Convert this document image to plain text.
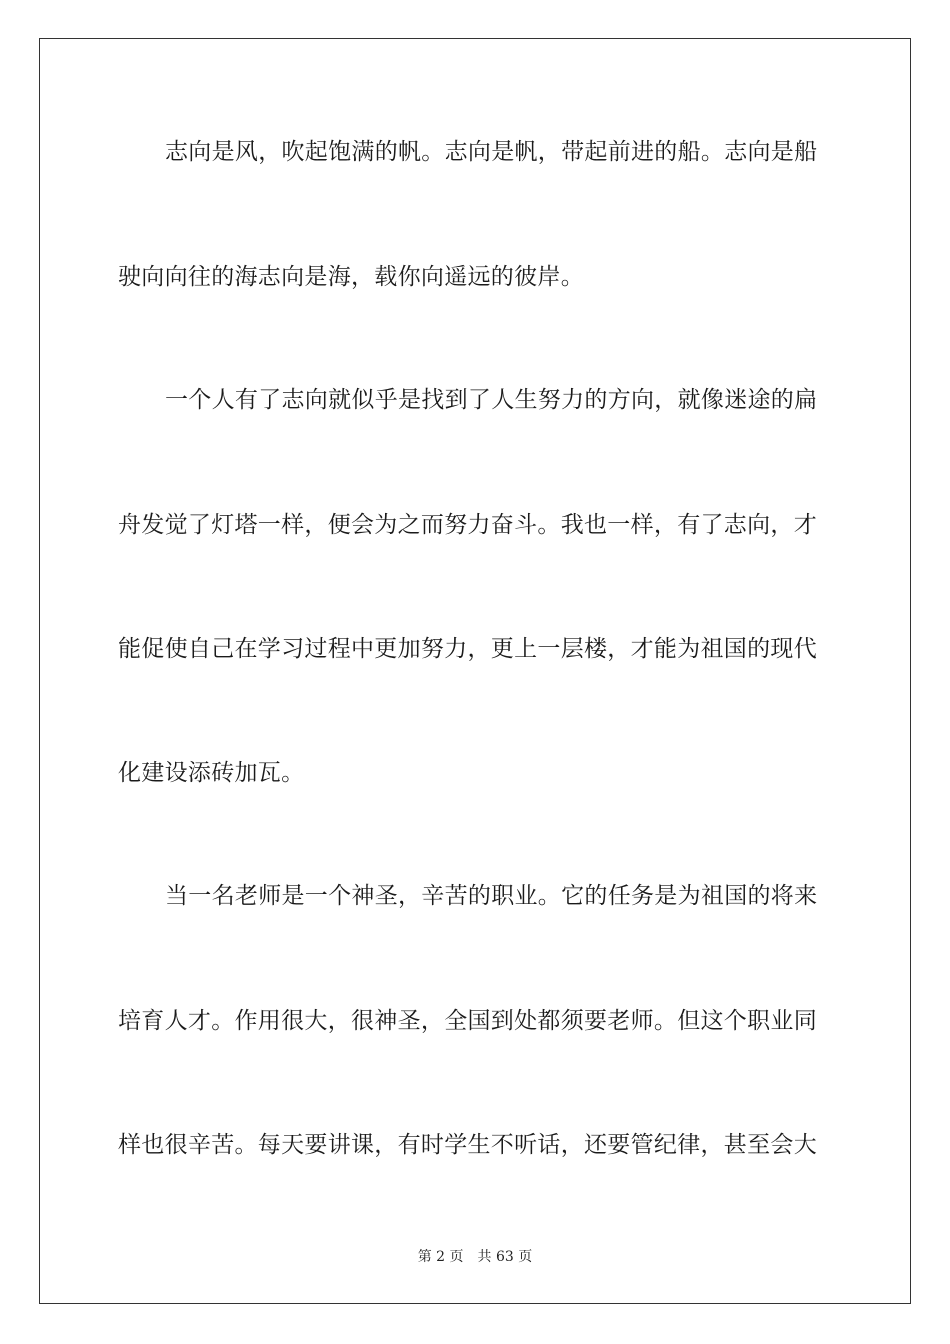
志向是风，吹起饱满的帆。志向是帆，带起前进的船。志向是船
驶向向往的海志向是海，载你向遥远的彼岸。
一个人有了志向就似乎是找到了人生努力的方向，就像迷途的扁
舟发觉了灯塔一样，便会为之而努力奋斗。我也一样，有了志向，才
能促使自己在学习过程中更加努力，更上一层楼，才能为祖国的现代
化建设添砖加瓦。
当一名老师是一个神圣，辛苦的职业。它的任务是为祖国的将来
培育人才。作用很大，很神圣，全国到处都须要老师。但这个职业同
样也很辛苦。每天要讲课，有时学生不听话，还要管纪律，甚至会大
第 2 页 共 63 页
